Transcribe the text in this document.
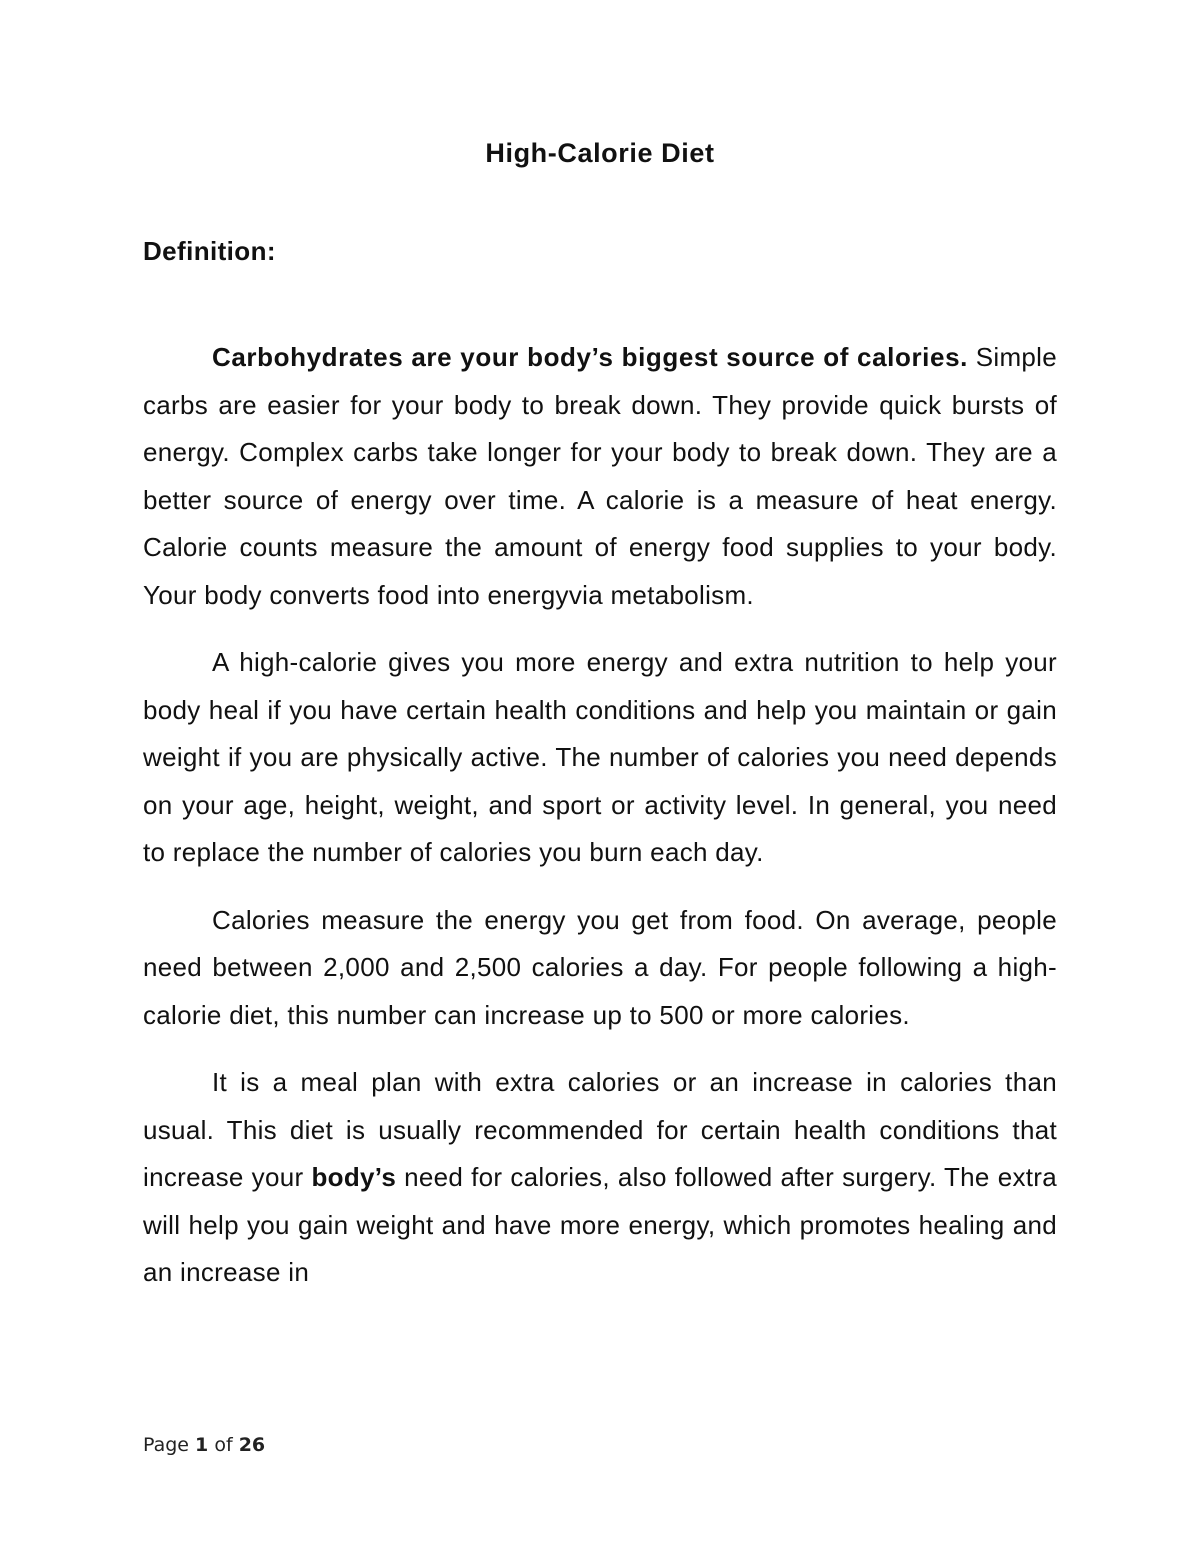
High-Calorie Diet
Definition:

Carbohydrates are your body’s biggest source of calories. Simple carbs are easier for your body to break down. They provide quick bursts of energy. Complex carbs take longer for your body to break down. They are a better source of energy over time. A calorie is a measure of heat energy. Calorie counts measure the amount of energy food supplies to your body. Your body converts food into energyvia metabolism.

A high-calorie gives you more energy and extra nutrition to help your body heal if you have certain health conditions and help you maintain or gain weight if you are physically active. The number of calories you need depends on your age, height, weight, and sport or activity level. In general, you need to replace the number of calories you burn each day.

Calories measure the energy you get from food. On average, people need between 2,000 and 2,500 calories a day. For people following a high-calorie diet, this number can increase up to 500 or more calories.

It is a meal plan with extra calories or an increase in calories than usual. This diet is usually recommended for certain health conditions that increase your body’s need for calories, also followed after surgery. The extra will help you gain weight and have more energy, which promotes healing and an increase in

Page 1 of 26
